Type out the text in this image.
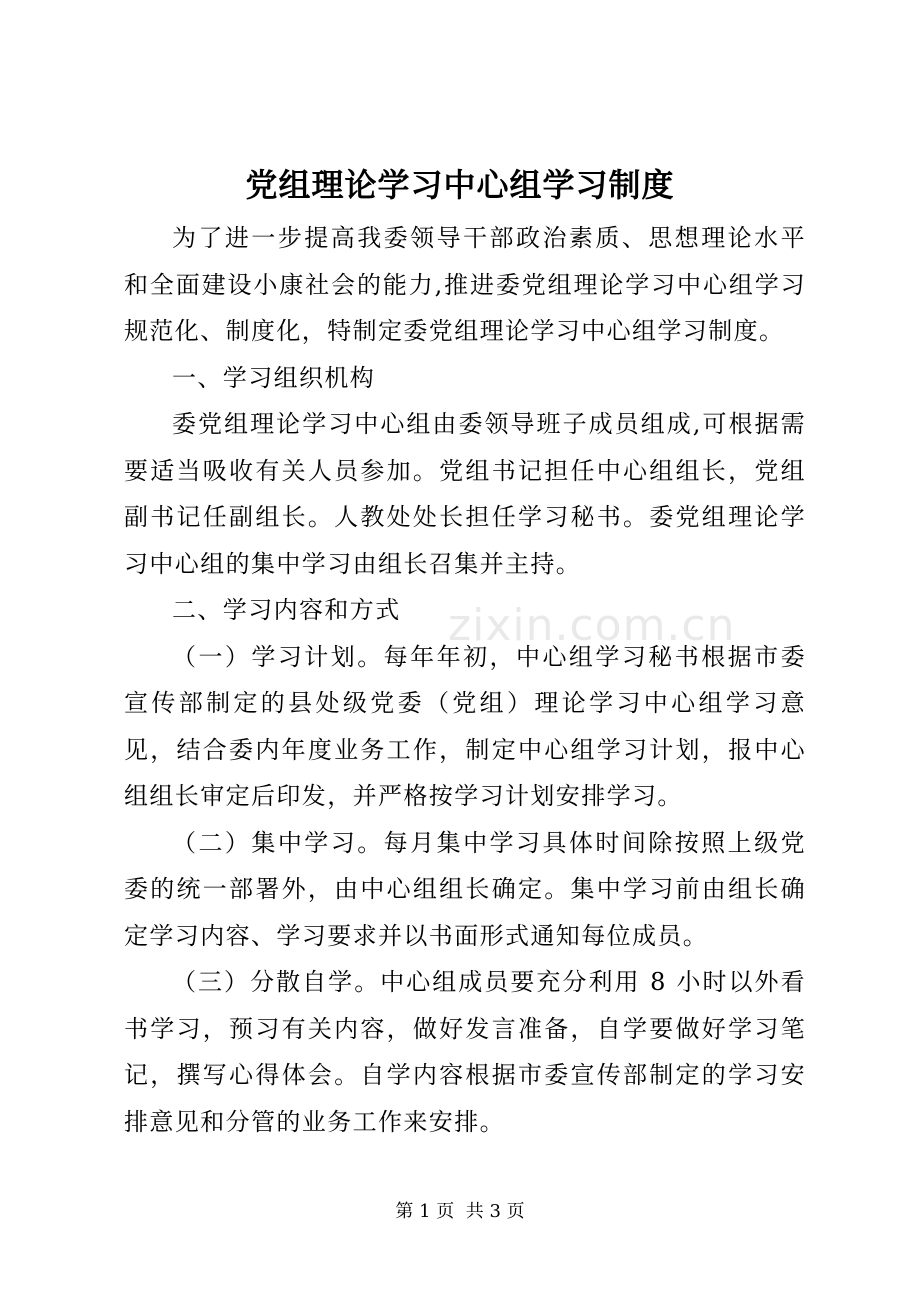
党组理论学习中心组学习制度

为了进一步提高我委领导干部政治素质、思想理论水平和全面建设小康社会的能力,推进委党组理论学习中心组学习规范化、制度化，特制定委党组理论学习中心组学习制度。

一、学习组织机构

委党组理论学习中心组由委领导班子成员组成,可根据需要适当吸收有关人员参加。党组书记担任中心组组长，党组副书记任副组长。人教处处长担任学习秘书。委党组理论学习中心组的集中学习由组长召集并主持。

二、学习内容和方式

（一）学习计划。每年年初，中心组学习秘书根据市委宣传部制定的县处级党委（党组）理论学习中心组学习意见，结合委内年度业务工作，制定中心组学习计划，报中心组组长审定后印发，并严格按学习计划安排学习。

（二）集中学习。每月集中学习具体时间除按照上级党委的统一部署外，由中心组组长确定。集中学习前由组长确定学习内容、学习要求并以书面形式通知每位成员。

（三）分散自学。中心组成员要充分利用 8 小时以外看书学习，预习有关内容，做好发言准备，自学要做好学习笔记，撰写心得体会。自学内容根据市委宣传部制定的学习安排意见和分管的业务工作来安排。

zixin.com.cn
第 1 页 共 3 页
